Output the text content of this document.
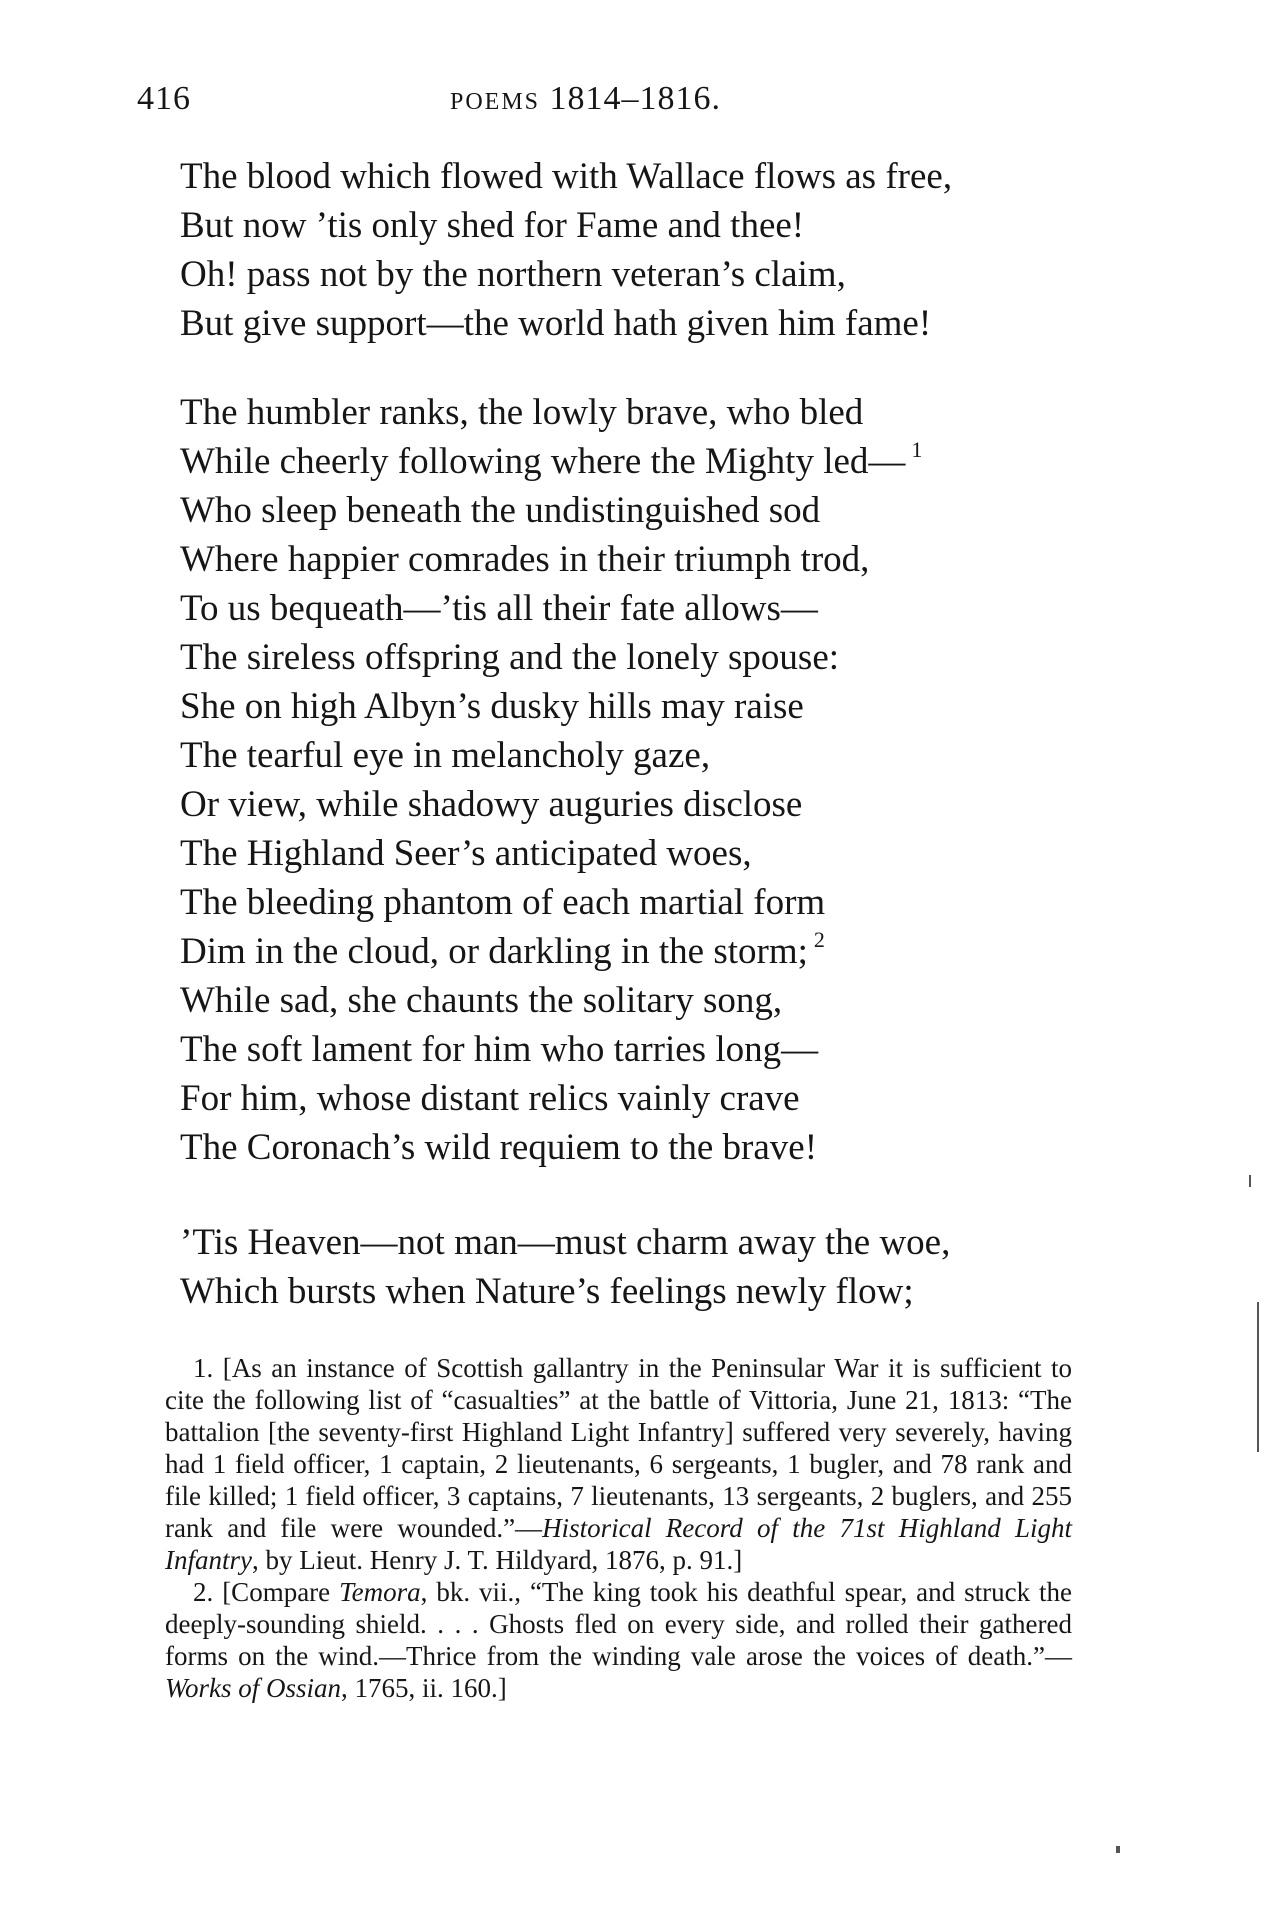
416	POEMS 1814–1816.
The blood which flowed with Wallace flows as free,
But now ’tis only shed for Fame and thee!
Oh! pass not by the northern veteran’s claim,
But give support—the world hath given him fame!
The humbler ranks, the lowly brave, who bled
While cheerly following where the Mighty led— $^1$
Who sleep beneath the undistinguished sod
Where happier comrades in their triumph trod,
To us bequeath—’tis all their fate allows—
The sireless offspring and the lonely spouse:
She on high Albyn’s dusky hills may raise
The tearful eye in melancholy gaze,
Or view, while shadowy auguries disclose
The Highland Seer’s anticipated woes,
The bleeding phantom of each martial form
Dim in the cloud, or darkling in the storm; $^2$
While sad, she chaunts the solitary song,
The soft lament for him who tarries long—
For him, whose distant relics vainly crave
The Coronach’s wild requiem to the brave!
’Tis Heaven—not man—must charm away the woe,
Which bursts when Nature’s feelings newly flow;

1. [As an instance of Scottish gallantry in the Peninsular War it is sufficient to cite the following list of “casualties” at the battle of Vittoria, June 21, 1813: “The battalion [the seventy-first Highland Light Infantry] suffered very severely, having had 1 field officer, 1 captain, 2 lieutenants, 6 sergeants, 1 bugler, and 78 rank and file killed; 1 field officer, 3 captains, 7 lieutenants, 13 sergeants, 2 buglers, and 255 rank and file were wounded.”—Historical Record of the 71st Highland Light Infantry, by Lieut. Henry J. T. Hildyard, 1876, p. 91.]

2. [Compare Temora, bk. vii., “The king took his deathful spear, and struck the deeply-sounding shield. . . . Ghosts fled on every side, and rolled their gathered forms on the wind.—Thrice from the winding vale arose the voices of death.”—Works of Ossian, 1765, ii. 160.]
